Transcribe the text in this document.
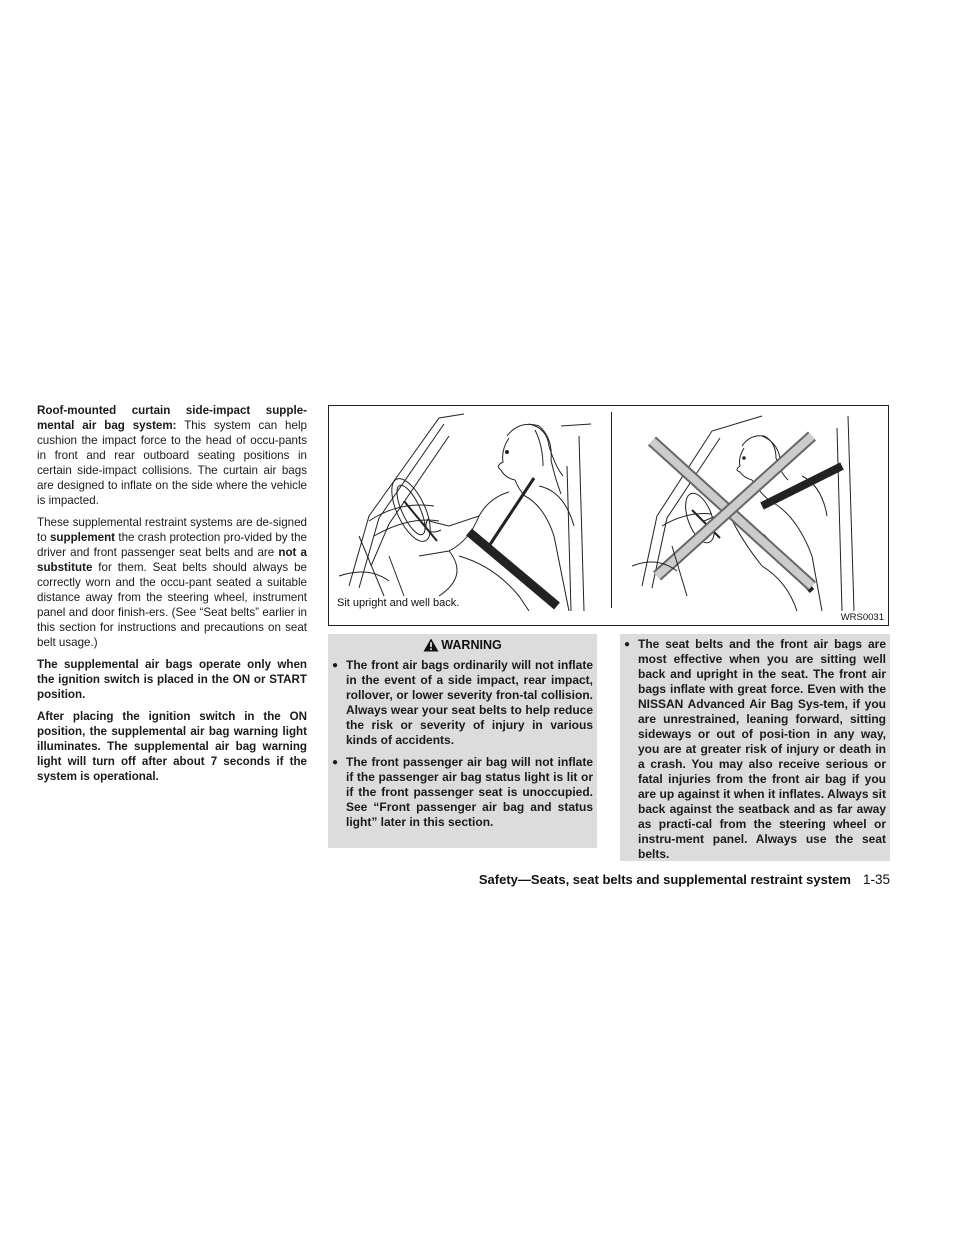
Roof-mounted curtain side-impact supple-mental air bag system: This system can help cushion the impact force to the head of occu-pants in front and rear outboard seating positions in certain side-impact collisions. The curtain air bags are designed to inflate on the side where the vehicle is impacted.

These supplemental restraint systems are de-signed to supplement the crash protection pro-vided by the driver and front passenger seat belts and are not a substitute for them. Seat belts should always be correctly worn and the occu-pant seated a suitable distance away from the steering wheel, instrument panel and door finish-ers. (See “Seat belts” earlier in this section for instructions and precautions on seat belt usage.)

The supplemental air bags operate only when the ignition switch is placed in the ON or START position.

After placing the ignition switch in the ON position, the supplemental air bag warning light illuminates. The supplemental air bag warning light will turn off after about 7 seconds if the system is operational.

Sit upright and well back.
WRS0031
WARNING
● The front air bags ordinarily will not inflate in the event of a side impact, rear impact, rollover, or lower severity fron-tal collision. Always wear your seat belts to help reduce the risk or severity of injury in various kinds of accidents.
● The front passenger air bag will not inflate if the passenger air bag status light is lit or if the front passenger seat is unoccupied. See “Front passenger air bag and status light” later in this section.
● The seat belts and the front air bags are most effective when you are sitting well back and upright in the seat. The front air bags inflate with great force. Even with the NISSAN Advanced Air Bag Sys-tem, if you are unrestrained, leaning forward, sitting sideways or out of posi-tion in any way, you are at greater risk of injury or death in a crash. You may also receive serious or fatal injuries from the front air bag if you are up against it when it inflates. Always sit back against the seatback and as far away as practi-cal from the steering wheel or instru-ment panel. Always use the seat belts.
Safety—Seats, seat belts and supplemental restraint system 1-35
